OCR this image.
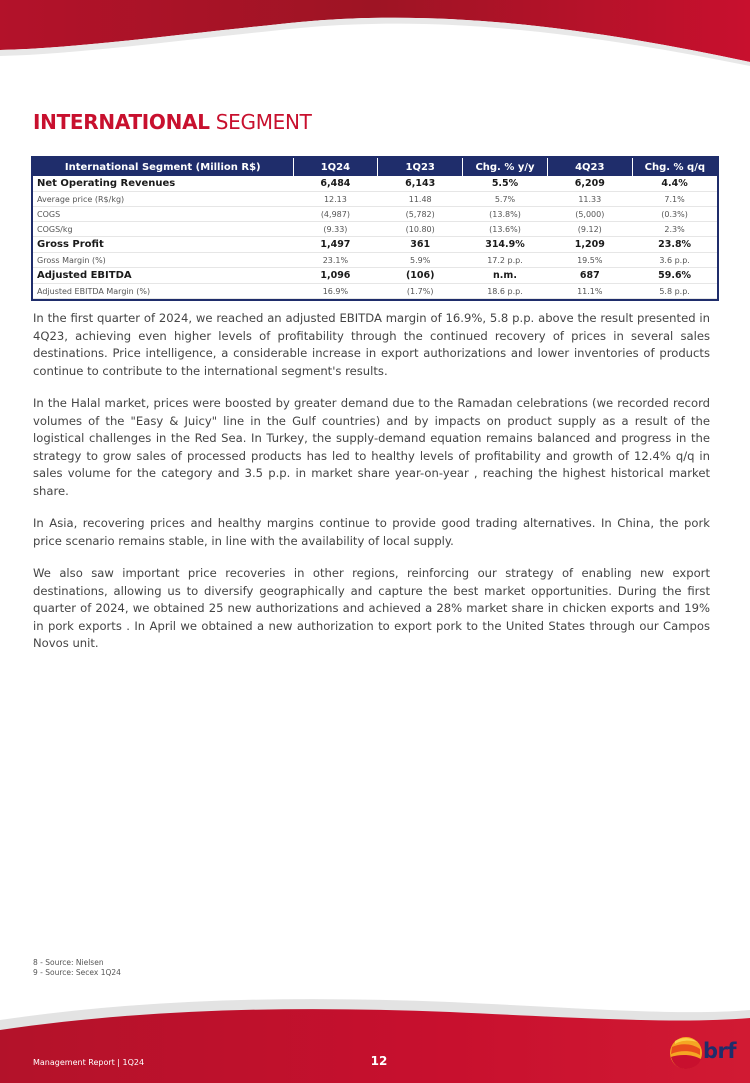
INTERNATIONAL SEGMENT
International Segment (Million R$)	1Q24	1Q23	Chg. % y/y	4Q23	Chg. % q/q
Net Operating Revenues	6,484	6,143	5.5%	6,209	4.4%
Average price (R$/kg)	12.13	11.48	5.7%	11.33	7.1%
COGS	(4,987)	(5,782)	(13.8%)	(5,000)	(0.3%)
COGS/kg	(9.33)	(10.80)	(13.6%)	(9.12)	2.3%
Gross Profit	1,497	361	314.9%	1,209	23.8%
Gross Margin (%)	23.1%	5.9%	17.2 p.p.	19.5%	3.6 p.p.
Adjusted EBITDA	1,096	(106)	n.m.	687	59.6%
Adjusted EBITDA Margin (%)	16.9%	(1.7%)	18.6 p.p.	11.1%	5.8 p.p.

In the first quarter of 2024, we reached an adjusted EBITDA margin of 16.9%, 5.8 p.p. above the result presented in 4Q23, achieving even higher levels of profitability through the continued recovery of prices in several sales destinations. Price intelligence, a considerable increase in export authorizations and lower inventories of products continue to contribute to the international segment's results.

In the Halal market, prices were boosted by greater demand due to the Ramadan celebrations (we recorded record volumes of the "Easy & Juicy" line in the Gulf countries) and by impacts on product supply as a result of the logistical challenges in the Red Sea. In Turkey, the supply-demand equation remains balanced and progress in the strategy to grow sales of processed products has led to healthy levels of profitability and growth of 12.4% q/q in sales volume for the category and 3.5 p.p. in market share year-on-year , reaching the highest historical market share.

In Asia, recovering prices and healthy margins continue to provide good trading alternatives. In China, the pork price scenario remains stable, in line with the availability of local supply.

We also saw important price recoveries in other regions, reinforcing our strategy of enabling new export destinations, allowing us to diversify geographically and capture the best market opportunities. During the first quarter of 2024, we obtained 25 new authorizations and achieved a 28% market share in chicken exports and 19% in pork exports . In April we obtained a new authorization to export pork to the United States through our Campos Novos unit.

8 - Source: Nielsen
9 - Source: Secex 1Q24
Management Report | 1Q24	12	brf
